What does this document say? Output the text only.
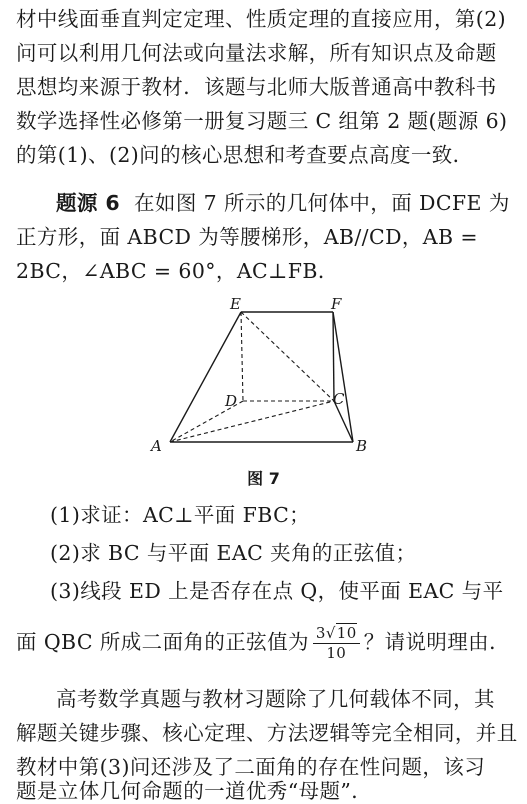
材中线面垂直判定定理、性质定理的直接应用，第(2)
问可以利用几何法或向量法求解，所有知识点及命题
思想均来源于教材．该题与北师大版普通高中教科书
数学选择性必修第一册复习题三 C 组第 2 题(题源 6)
的第(1)、(2)问的核心思想和考查要点高度一致．
题源 6 在如图 7 所示的几何体中，面 DCFE 为
正方形，面 ABCD 为等腰梯形，AB//CD，AB =
2BC，∠ABC = 60°，AC⊥FB．
E	F
D	C
A	B
图 7
(1)求证：AC⊥平面 FBC；
(2)求 BC 与平面 EAC 夹角的正弦值；
(3)线段 ED 上是否存在点 Q，使平面 EAC 与平
面 QBC 所成二面角的正弦值为 $\frac{3√10}{10}$ ？请说明理由．
高考数学真题与教材习题除了几何载体不同，其
解题关键步骤、核心定理、方法逻辑等完全相同，并且
教材中第(3)问还涉及了二面角的存在性问题，该习
题是立体几何命题的一道优秀“母题”．
